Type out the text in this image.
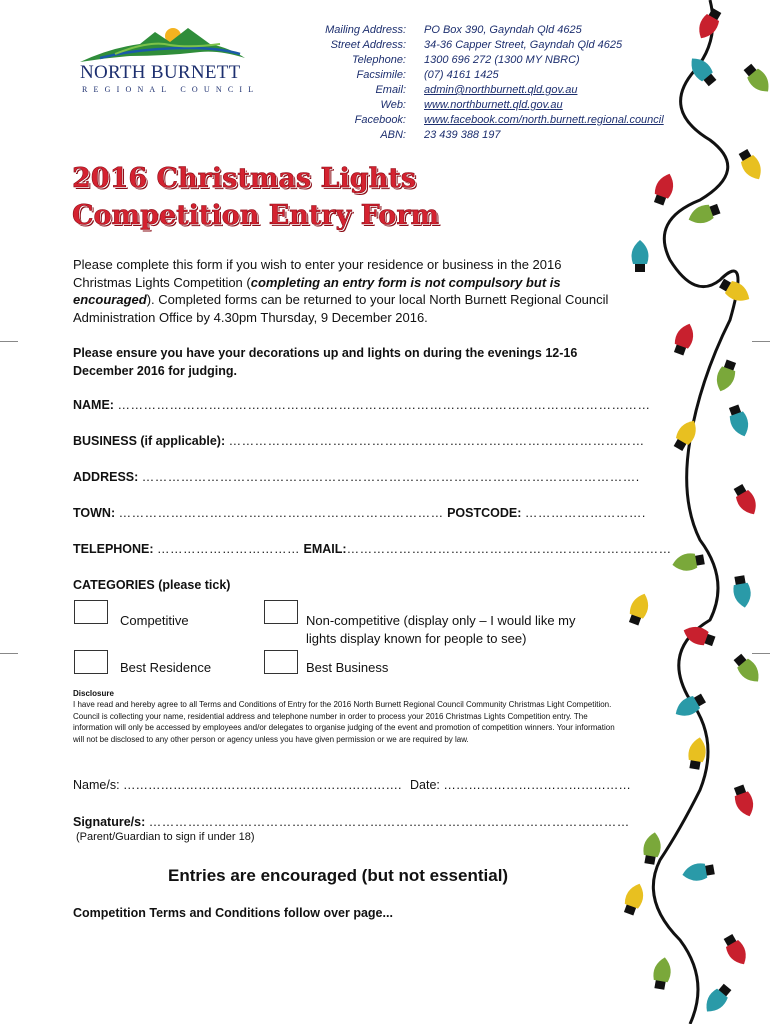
NORTH BURNETT
REGIONAL COUNCIL
Mailing Address: PO Box 390, Gayndah Qld 4625
Street Address: 34-36 Capper Street, Gayndah Qld 4625
Telephone: 1300 696 272 (1300 MY NBRC)
Facsimile: (07) 4161 1425
Email: admin@northburnett.qld.gov.au
Web: www.northburnett.qld.gov.au
Facebook: www.facebook.com/north.burnett.regional.council
ABN: 23 439 388 197
2016 Christmas Lights
Competition Entry Form
Please complete this form if you wish to enter your residence or business in the 2016 Christmas Lights Competition (completing an entry form is not compulsory but is encouraged). Completed forms can be returned to your local North Burnett Regional Council Administration Office by 4.30pm Thursday, 9 December 2016.
Please ensure you have your decorations up and lights on during the evenings 12-16 December 2016 for judging.
NAME: ……………………………………………………………………………………………………………
BUSINESS (if applicable): ……………………………………………………………………………………
ADDRESS: …………………………………………………………………………………………………….
TOWN: ………………………………………………………………… POSTCODE: ……………………….
TELEPHONE: …………………………… EMAIL:…………………………………………………………………
CATEGORIES (please tick)
Competitive	Non-competitive (display only – I would like my lights display known for people to see)
Best Residence	Best Business
Disclosure
I have read and hereby agree to all Terms and Conditions of Entry for the 2016 North Burnett Regional Council Community Christmas Light Competition. Council is collecting your name, residential address and telephone number in order to process your 2016 Christmas Lights Competition entry. The information will only be accessed by employees and/or delegates to organise judging of the event and promotion of competition winners. Your information will not be disclosed to any other person or agency unless you have given permission or we are required by law.
Name/s: …………………………………………………………. Date: ………………………………………
Signature/s: …………………………………………………………………………………………………
(Parent/Guardian to sign if under 18)
Entries are encouraged (but not essential)
Competition Terms and Conditions follow over page...
